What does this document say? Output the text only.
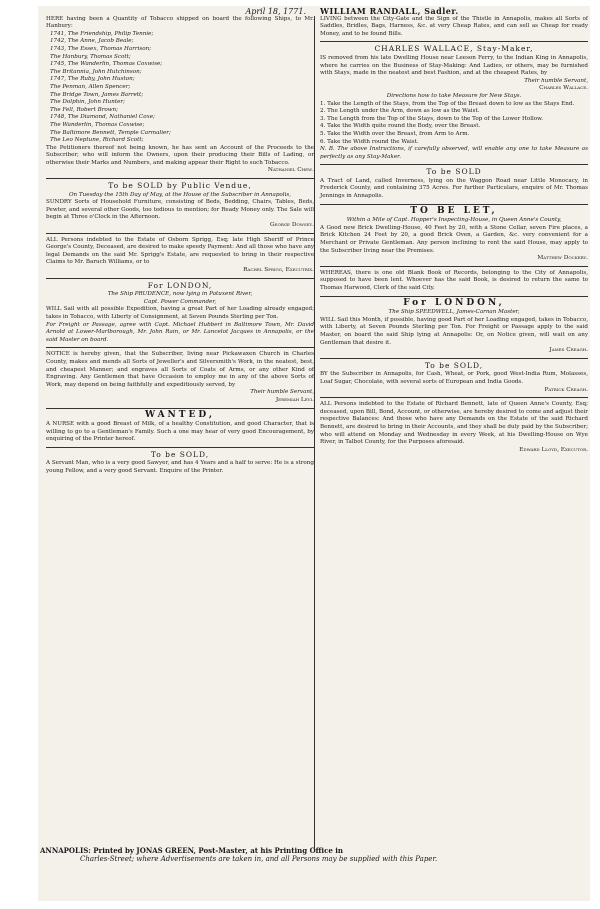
April 18, 1771.
HERE having been a Quantity of Tobacco shipped on board the following Ships, to Mr. Hanbury:
1741, The Friendship, Philip Tennie;
1742, The Anne, Jacob Beale;
1743, The Essex, Thomas Harrison;
The Hanbury, Thomas Scott;
1745, The Wanderlin, Thomas Coxwise;
The Britannia, John Hutchinson;
1747, The Ruby, John Huston;
The Penman, Allen Spencer;
The Bridge Town, James Barrett;
The Dolphin, John Hunter;
The Fell, Robert Brown;
1748, The Diamond, Nathaniel Coxe;
The Wanderlin, Thomas Coxwise;
The Baltimore Bennett, Temple Carmalier;
The Leo Neptune, Richard Scott;
The Petitioners thereof not being known, he has sent an Account of the Proceeds to the Subscriber; who will inform the Owners, upon their producing their Bills of Lading, or otherwise their Marks and Numbers, and making appear their Right to such Tobacco.
Nathaniel Chew.
To be SOLD by Public Vendue,
On Tuesday the 15th Day of May, at the House of the Subscriber in Annapolis,
SUNDRY Sorts of Household Furniture, consisting of Beds, Bedding, Chairs, Tables, Beds, Pewter, and several other Goods, too tedious to mention; for Ready Money only. The Sale will begin at Three o'Clock in the Afternoon.
George Dowsey.
ALL Persons indebted to the Estate of Osborn Sprigg, Esq; late High Sheriff of Prince George's County, Deceased, are desired to make speedy Payment: And all those who have any legal Demands on the said Mr. Sprigg's Estate, are requested to bring in their respective Claims to Mr. Baruch Williams, or to
Rachel Sprigg, Executrix.
For LONDON,
The Ship PRUDENCE, now lying in Patuxent River,
Capt. Power Commander,
WILL Sail with all possible Expedition, having a great Part of her Loading already engaged; takes in Tobacco, with Liberty of Consignment, at Seven Pounds Sterling per Ton.
For Freight or Passage, agree with Capt. Michael Hubbert in Baltimore Town, Mr. David Arnold at Lower-Marlborough, Mr. John Rain, or Mr. Lancelot Jacques in Annapolis, or the said Master on board.
NOTICE is hereby given, that the Subscriber, living near Pickawaxen Church in Charles County, makes and mends all Sorts of Jeweller's and Silversmith's Work, in the neatest, best, and cheapest Manner; and engraves all Sorts of Coats of Arms, or any other Kind of Engraving. Any Gentlemen that have Occasion to employ me in any of the above Sorts of Work, may depend on being faithfully and expeditiously served, by
Their humble Servant,
Jeremiah Levi.
WANTED,
A NURSE with a good Breast of Milk, of a healthy Constitution, and good Character, that is willing to go to a Gentleman's Family. Such a one may hear of very good Encouragement, by enquiring of the Printer hereof.
To be SOLD,
A Servant Man, who is a very good Sawyer, and has 4 Years and a half to serve: He is a strong young Fellow, and a very good Servant. Enquire of the Printer.
WILLIAM RANDALL, Sadler.
LIVING between the City-Gate and the Sign of the Thistle in Annapolis, makes all Sorts of Saddles, Bridles, Bags, Harness, &c. at very Cheap Rates, and can sell as Cheap for ready Money, and to be found Bills.
CHARLES WALLACE, Stay-Maker,
IS removed from his late Dwelling House near Leeson Ferry, to the Indian King in Annapolis, where he carries on the Business of Stay-Making: And Ladies, or others, may be furnished with Stays, made in the neatest and best Fashion, and at the cheapest Rates, by
Their humble Servant,
Charles Wallace.
Directions how to take Measure for New Stays.
1. Take the Length of the Stays, from the Top of the Breast down to low as the Stays End.
2. The Length under the Arm, down as low as the Waist.
3. The Length from the Top of the Stays, down to the Top of the Lower Hollow.
4. Take the Width quite round the Body, over the Breast.
5. Take the Width over the Breast, from Arm to Arm.
6. Take the Width round the Waist.
N. B. The above Instructions, if carefully observed, will enable any one to take Measure as perfectly as any Stay-Maker.
To be SOLD
A Tract of Land, called Inverness, lying on the Waggon Road near Little Monocacy, in Frederick County, and containing 375 Acres. For further Particulars, enquire of Mr. Thomas Jennings in Annapolis.
TO BE LET,
Within a Mile of Capt. Hopper's Inspecting-House, in Queen Anne's County,
A Good new Brick Dwelling-House, 40 Feet by 20, with a Stone Cellar, seven Fire places, a Brick Kitchen 24 Feet by 20, a good Brick Oven, a Garden, &c. very convenient for a Merchant or Private Gentleman. Any person inclining to rent the said House, may apply to the Subscriber living near the Premises.
Matthew Dockery.
WHEREAS, there is one old Blank Book of Records, belonging to the City of Annapolis, supposed to have been lent. Whoever has the said Book, is desired to return the same to Thomas Harwood, Clerk of the said City.
For LONDON,
The Ship SPEEDWELL, James-Carnan Master,
WILL Sail this Month, if possible, having good Part of her Loading engaged, takes in Tobacco, with Liberty, at Seven Pounds Sterling per Ton. For Freight or Passage apply to the said Master, on board the said Ship lying at Annapolis: Or, on Notice given, will wait on any Gentleman that desire it.
James Creagh.
To be SOLD,
BY the Subscriber in Annapolis, for Cash, Wheat, or Pork, good West-India Rum, Molasses, Loaf Sugar, Chocolate, with several sorts of European and India Goods.
Patrick Creagh.
ALL Persons indebted to the Estate of Richard Bennett, late of Queen Anne's County, Esq; deceased, upon Bill, Bond, Account, or otherwise, are hereby desired to come and adjust their respective Balances: And those who have any Demands on the Estate of the said Richard Bennett, are desired to bring in their Accounts, and they shall be duly paid by the Subscriber; who will attend on Monday and Wednesday in every Week, at his Dwelling-House on Wye River, in Talbot County, for the Purposes aforesaid.
Edward Lloyd, Executor.
ANNAPOLIS: Printed by JONAS GREEN, Post-Master, at his Printing Office in
Charles-Street; where Advertisements are taken in, and all Persons may be supplied with this Paper.
